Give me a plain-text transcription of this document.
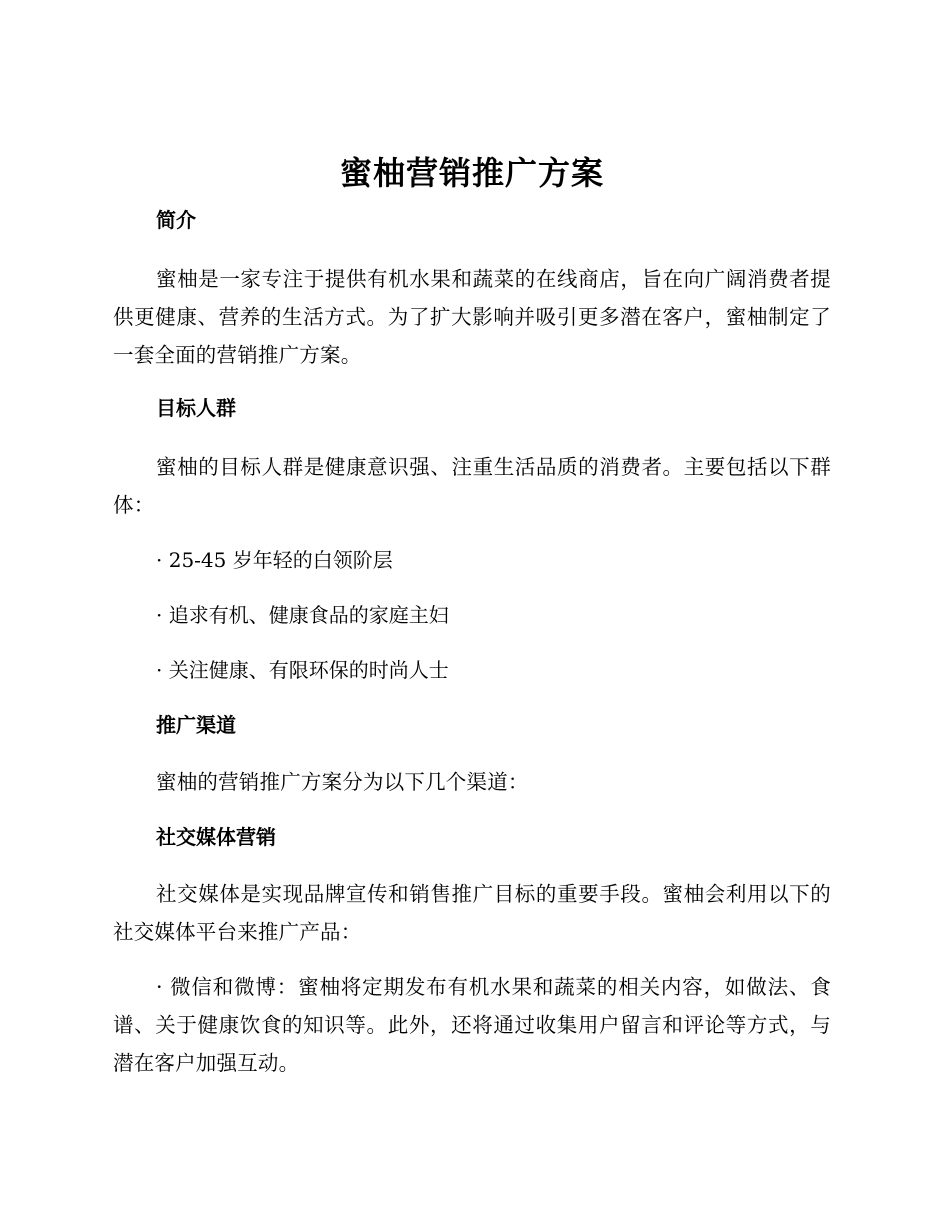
蜜柚营销推广方案
简介

蜜柚是一家专注于提供有机水果和蔬菜的在线商店，旨在向广阔消费者提供更健康、营养的生活方式。为了扩大影响并吸引更多潜在客户，蜜柚制定了一套全面的营销推广方案。

目标人群

蜜柚的目标人群是健康意识强、注重生活品质的消费者。主要包括以下群体：

· 25-45 岁年轻的白领阶层

· 追求有机、健康食品的家庭主妇

· 关注健康、有限环保的时尚人士

推广渠道

蜜柚的营销推广方案分为以下几个渠道：

社交媒体营销

社交媒体是实现品牌宣传和销售推广目标的重要手段。蜜柚会利用以下的社交媒体平台来推广产品：

· 微信和微博：蜜柚将定期发布有机水果和蔬菜的相关内容，如做法、食谱、关于健康饮食的知识等。此外，还将通过收集用户留言和评论等方式，与潜在客户加强互动。
